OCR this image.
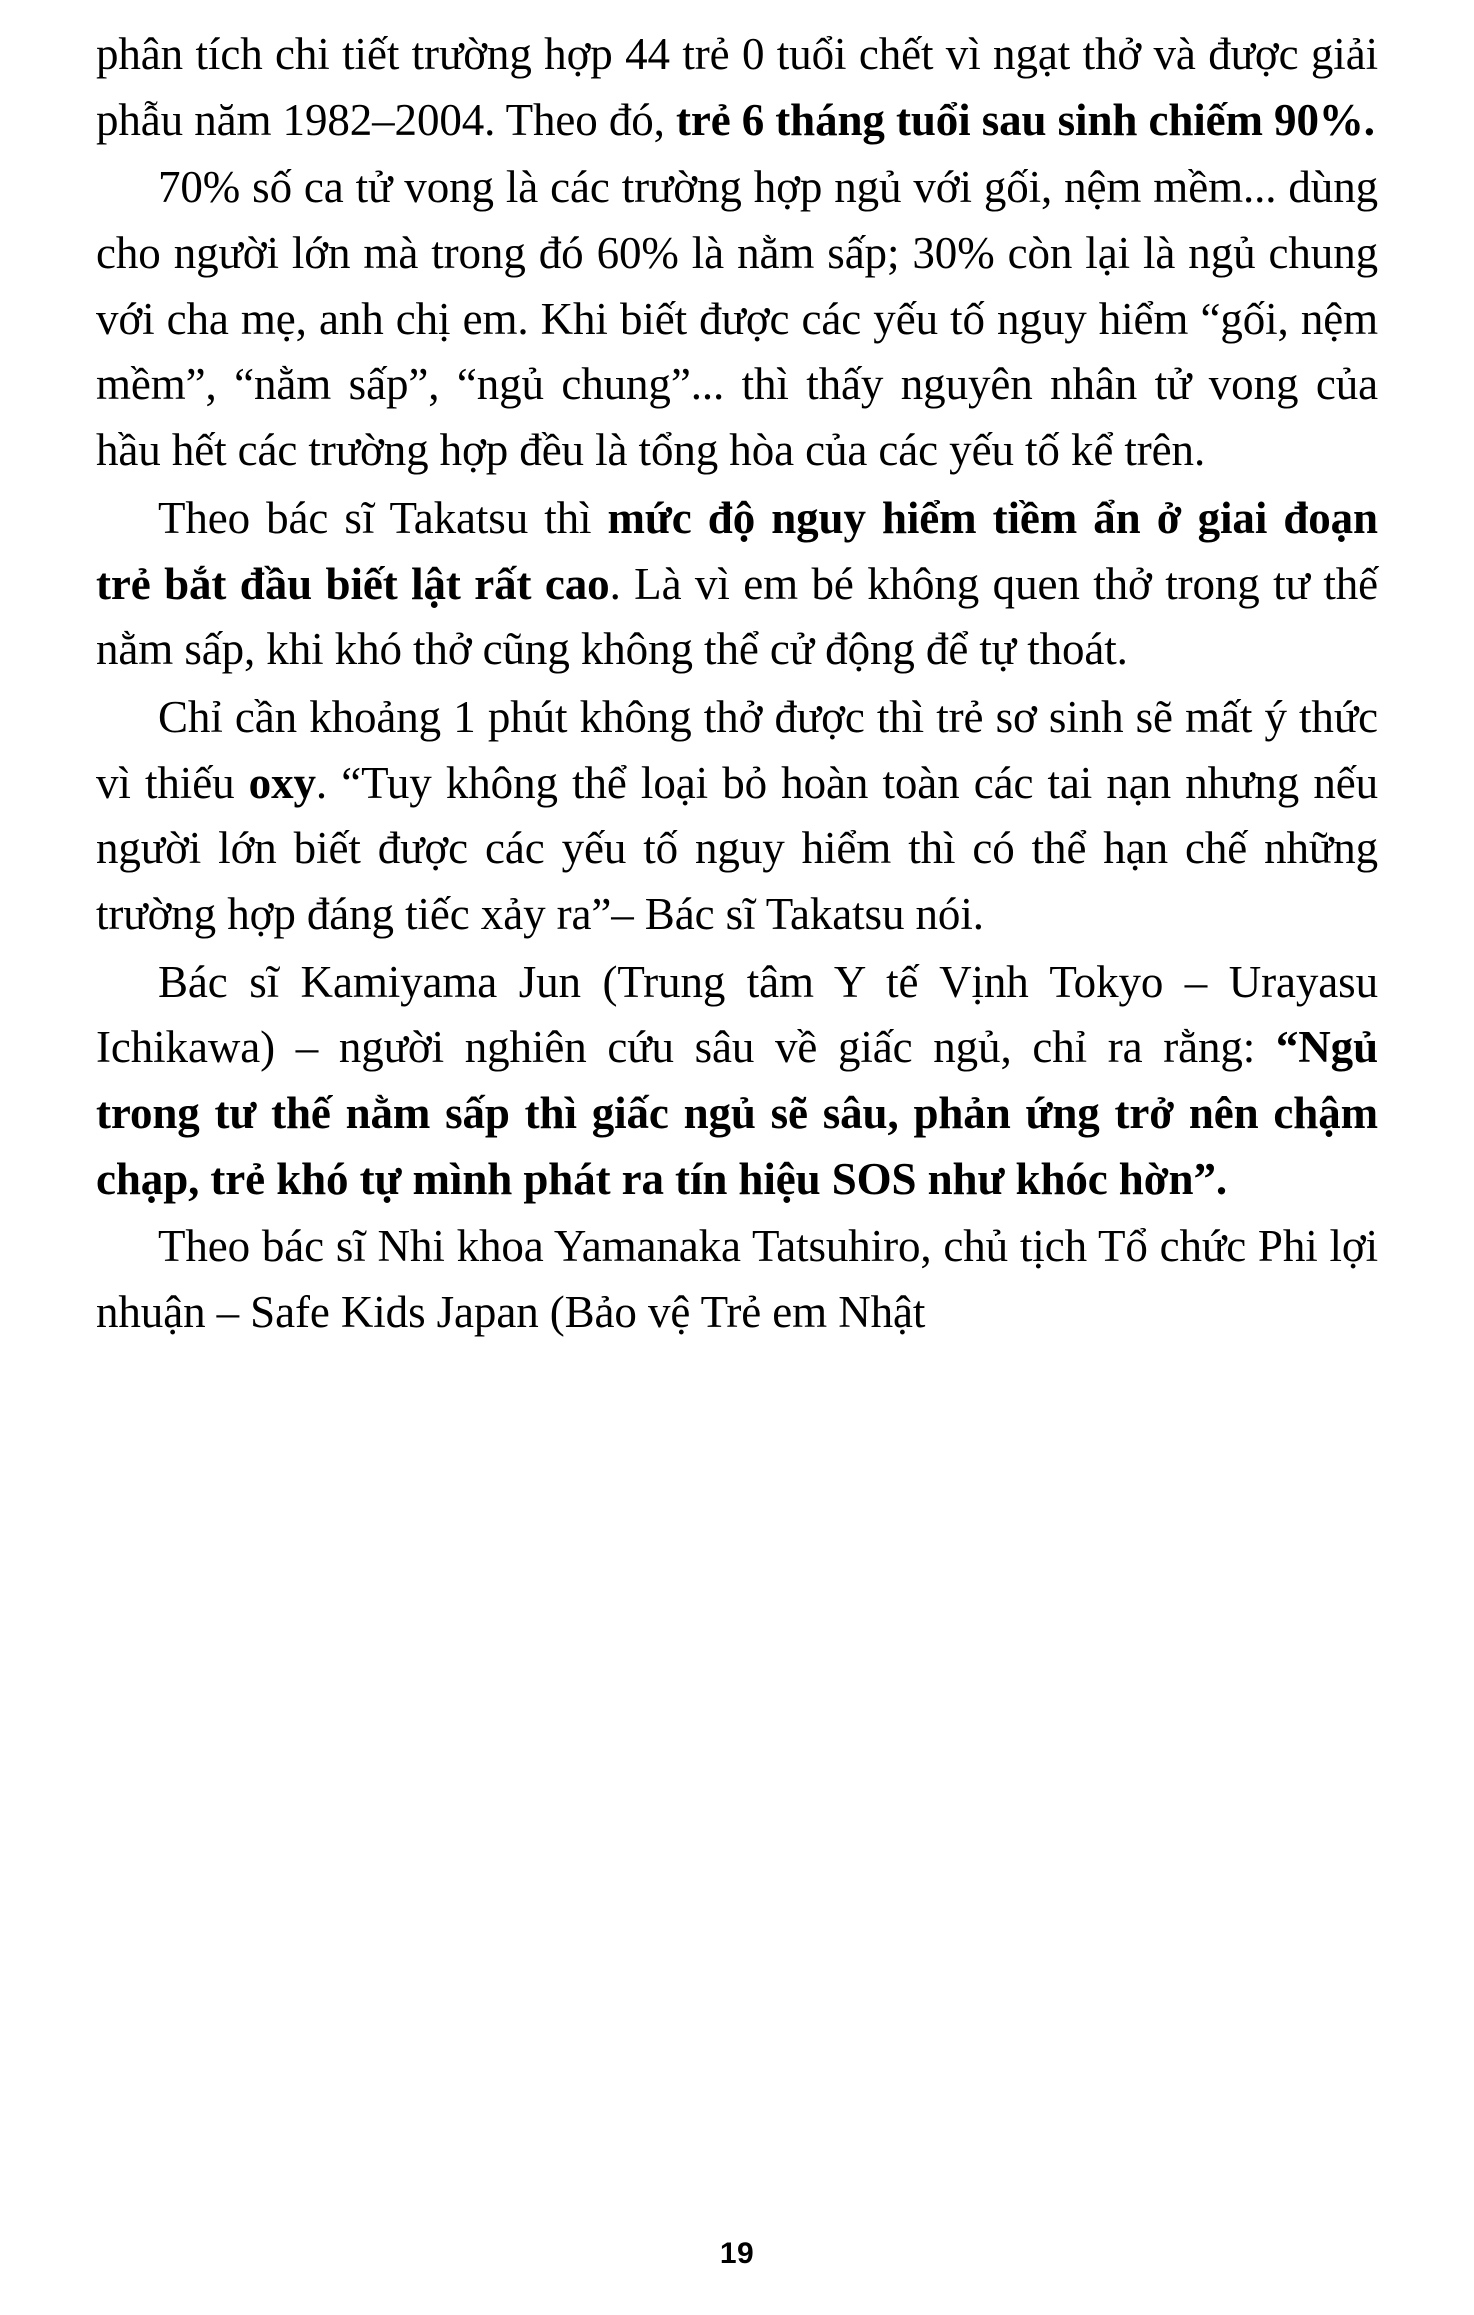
phân tích chi tiết trường hợp 44 trẻ 0 tuổi chết vì ngạt thở và được giải phẫu năm 1982–2004. Theo đó, trẻ 6 tháng tuổi sau sinh chiếm 90%.

70% số ca tử vong là các trường hợp ngủ với gối, nệm mềm... dùng cho người lớn mà trong đó 60% là nằm sấp; 30% còn lại là ngủ chung với cha mẹ, anh chị em. Khi biết được các yếu tố nguy hiểm “gối, nệm mềm”, “nằm sấp”, “ngủ chung”... thì thấy nguyên nhân tử vong của hầu hết các trường hợp đều là tổng hòa của các yếu tố kể trên.

Theo bác sĩ Takatsu thì mức độ nguy hiểm tiềm ẩn ở giai đoạn trẻ bắt đầu biết lật rất cao. Là vì em bé không quen thở trong tư thế nằm sấp, khi khó thở cũng không thể cử động để tự thoát.

Chỉ cần khoảng 1 phút không thở được thì trẻ sơ sinh sẽ mất ý thức vì thiếu oxy. “Tuy không thể loại bỏ hoàn toàn các tai nạn nhưng nếu người lớn biết được các yếu tố nguy hiểm thì có thể hạn chế những trường hợp đáng tiếc xảy ra”– Bác sĩ Takatsu nói.

Bác sĩ Kamiyama Jun (Trung tâm Y tế Vịnh Tokyo – Urayasu Ichikawa) – người nghiên cứu sâu về giấc ngủ, chỉ ra rằng: “Ngủ trong tư thế nằm sấp thì giấc ngủ sẽ sâu, phản ứng trở nên chậm chạp, trẻ khó tự mình phát ra tín hiệu SOS như khóc hờn”.

Theo bác sĩ Nhi khoa Yamanaka Tatsuhiro, chủ tịch Tổ chức Phi lợi nhuận – Safe Kids Japan (Bảo vệ Trẻ em Nhật

19
